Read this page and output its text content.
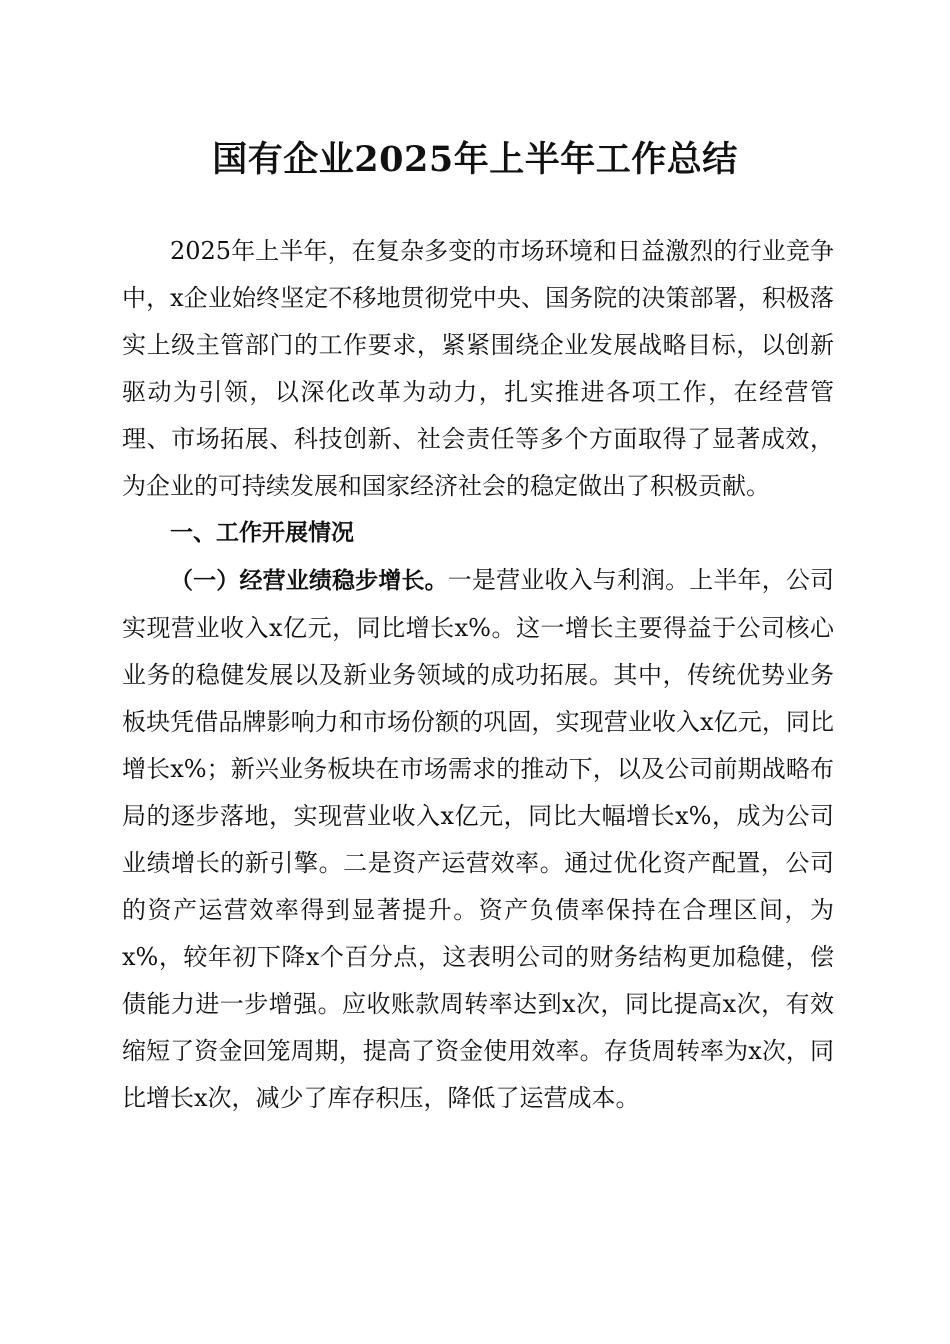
国有企业2025年上半年工作总结

2025年上半年，在复杂多变的市场环境和日益激烈的行业竞争中，x企业始终坚定不移地贯彻党中央、国务院的决策部署，积极落实上级主管部门的工作要求，紧紧围绕企业发展战略目标，以创新驱动为引领，以深化改革为动力，扎实推进各项工作，在经营管理、市场拓展、科技创新、社会责任等多个方面取得了显著成效，为企业的可持续发展和国家经济社会的稳定做出了积极贡献。

一、工作开展情况

（一）经营业绩稳步增长。一是营业收入与利润。上半年，公司实现营业收入x亿元，同比增长x%。这一增长主要得益于公司核心业务的稳健发展以及新业务领域的成功拓展。其中，传统优势业务板块凭借品牌影响力和市场份额的巩固，实现营业收入x亿元，同比增长x%；新兴业务板块在市场需求的推动下，以及公司前期战略布局的逐步落地，实现营业收入x亿元，同比大幅增长x%，成为公司业绩增长的新引擎。二是资产运营效率。通过优化资产配置，公司的资产运营效率得到显著提升。资产负债率保持在合理区间，为x%，较年初下降x个百分点，这表明公司的财务结构更加稳健，偿债能力进一步增强。应收账款周转率达到x次，同比提高x次，有效缩短了资金回笼周期，提高了资金使用效率。存货周转率为x次，同比增长x次，减少了库存积压，降低了运营成本。
